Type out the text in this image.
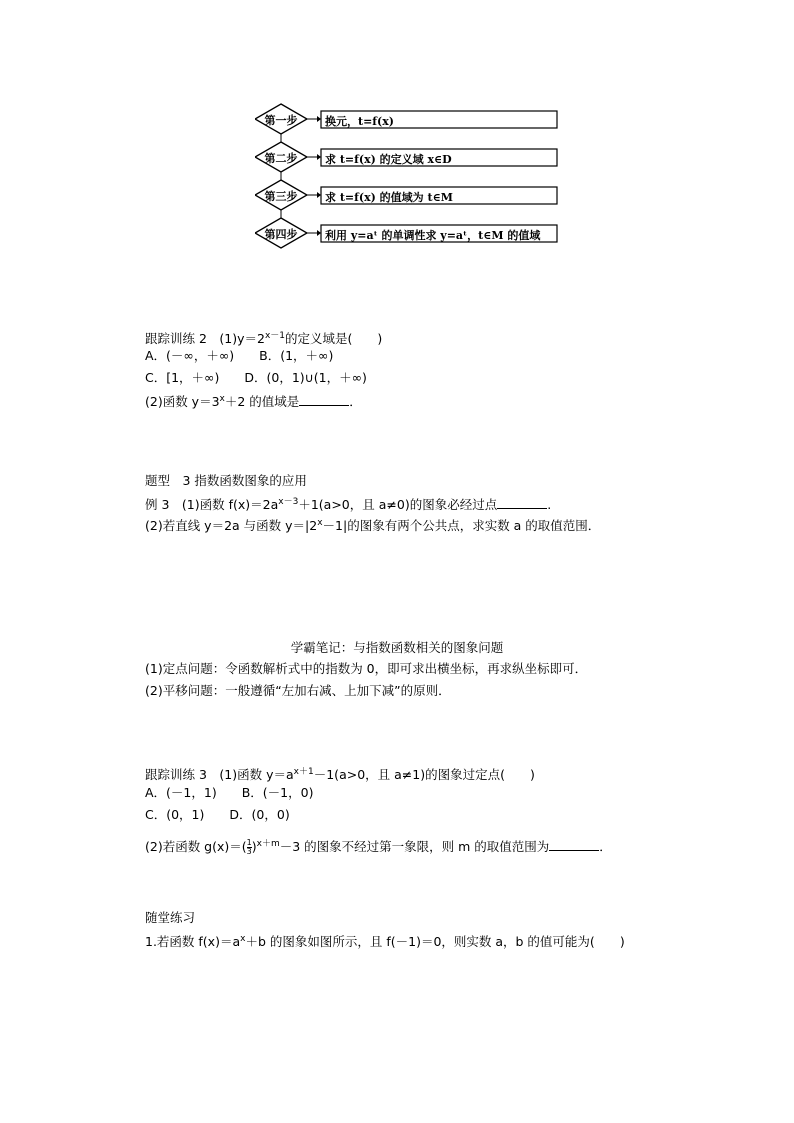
第一步
第二步
第三步
第四步
换元，t=f(x)
求 t=f(x) 的定义域 x∈D
求 t=f(x) 的值域为 t∈M
利用 y=aᵗ 的单调性求 y=aᵗ，t∈M 的值域
跟踪训练 2　$(1)y=2^{x-1}$的定义域是(　　)
A．(－∞，＋∞)　　 B．(1，＋∞)
C．[1，＋∞)　　 D．(0，1)∪(1，＋∞)
(2)函数 $y=3^x+2$ 的值域是	．
题型　3 指数函数图象的应用
例 3　(1)函数 $f(x)=2a^{x-3}+1(a>0$，且 a≠0)的图象必经过点	.
(2)若直线 y＝2a 与函数 $y=|2^x-1|$的图象有两个公共点，求实数 a 的取值范围．
学霸笔记：与指数函数相关的图象问题
(1)定点问题：令函数解析式中的指数为 0，即可求出横坐标，再求纵坐标即可．
(2)平移问题：一般遵循“左加右减、上加下减”的原则．
跟踪训练 3　(1)函数 $y=a^{x+1}-1(a>0$，且 a≠1)的图象过定点(　　)
A．(－1，1)　　 B．(－1，0)
C．(0，1)　　 D．(0，0)
(2)若函数 $g(x)=( \frac{1}{3} )^{x+m}-3$ 的图象不经过第一象限，则 m 的取值范围为	．
随堂练习
1.若函数 $f(x)=a^x+b$ 的图象如图所示，且 f(－1)＝0，则实数 a，b 的值可能为(　　)
